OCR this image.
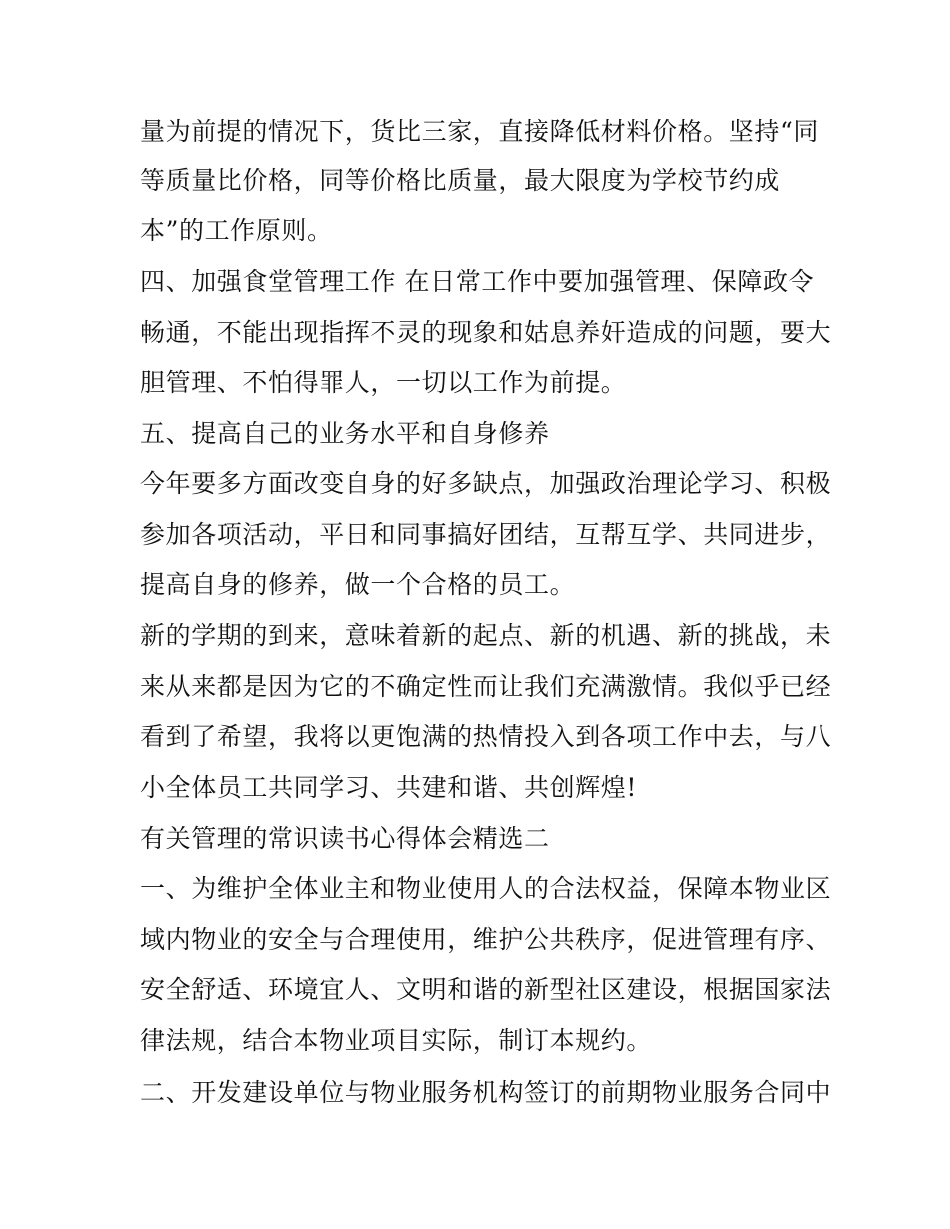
量为前提的情况下，货比三家，直接降低材料价格。坚持“同
等质量比价格，同等价格比质量，最大限度为学校节约成
本”的工作原则。
四、加强食堂管理工作 在日常工作中要加强管理、保障政令
畅通，不能出现指挥不灵的现象和姑息养奸造成的问题，要大
胆管理、不怕得罪人，一切以工作为前提。
五、提高自己的业务水平和自身修养
今年要多方面改变自身的好多缺点，加强政治理论学习、积极
参加各项活动，平日和同事搞好团结，互帮互学、共同进步，
提高自身的修养，做一个合格的员工。
新的学期的到来，意味着新的起点、新的机遇、新的挑战，未
来从来都是因为它的不确定性而让我们充满激情。我似乎已经
看到了希望，我将以更饱满的热情投入到各项工作中去，与八
小全体员工共同学习、共建和谐、共创辉煌!
有关管理的常识读书心得体会精选二
一、为维护全体业主和物业使用人的合法权益，保障本物业区
域内物业的安全与合理使用，维护公共秩序，促进管理有序、
安全舒适、环境宜人、文明和谐的新型社区建设，根据国家法
律法规，结合本物业项目实际，制订本规约。
二、开发建设单位与物业服务机构签订的前期物业服务合同中
